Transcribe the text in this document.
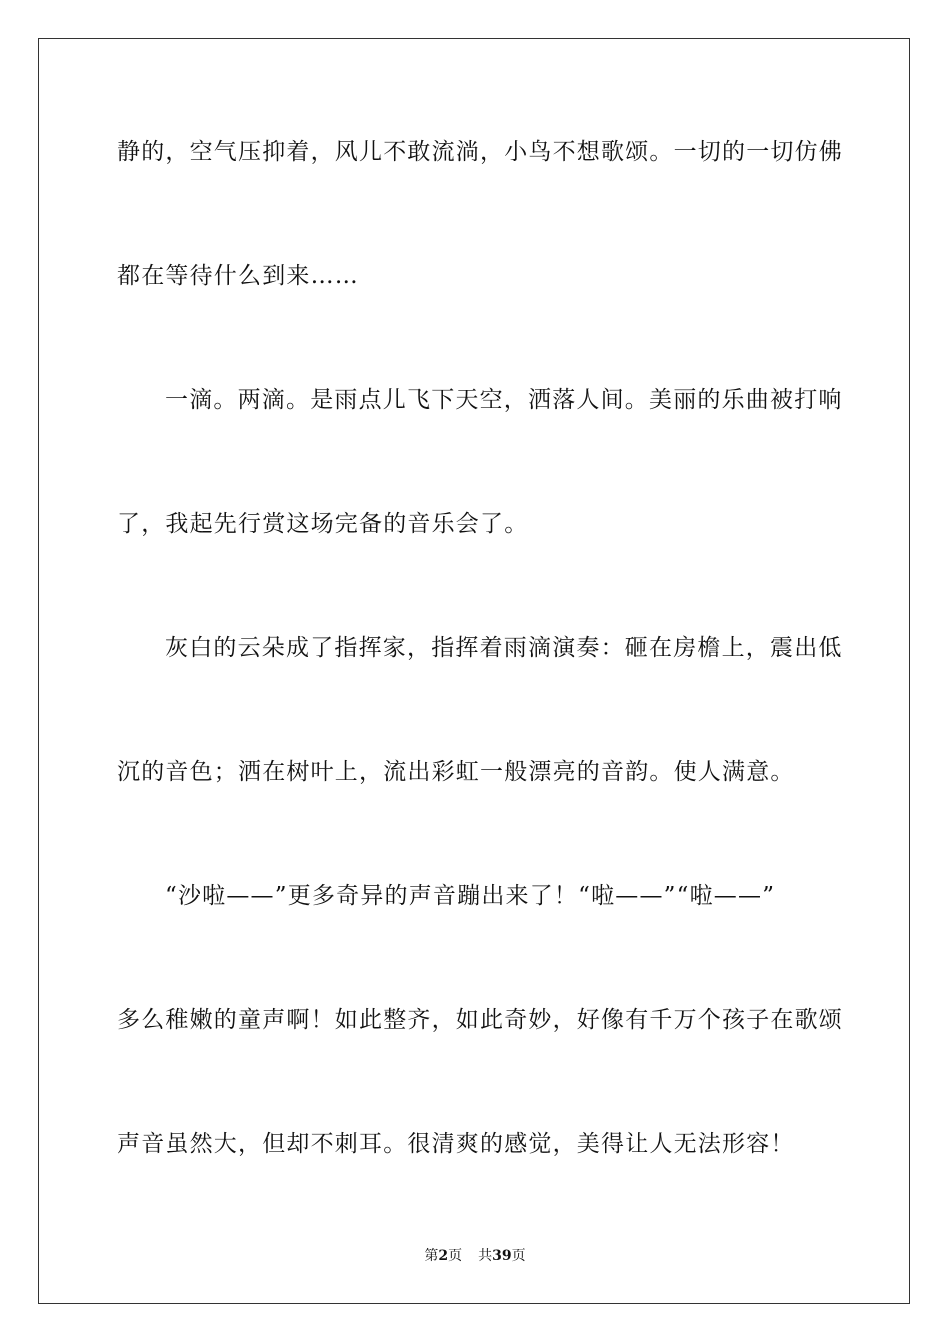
静的，空气压抑着，风儿不敢流淌，小鸟不想歌颂。一切的一切仿佛
都在等待什么到来……
一滴。两滴。是雨点儿飞下天空，洒落人间。美丽的乐曲被打响
了，我起先行赏这场完备的音乐会了。
灰白的云朵成了指挥家，指挥着雨滴演奏：砸在房檐上，震出低
沉的音色；洒在树叶上，流出彩虹一般漂亮的音韵。使人满意。
“沙啦——”更多奇异的声音蹦出来了！“啦——”“啦——”
多么稚嫩的童声啊！如此整齐，如此奇妙，好像有千万个孩子在歌颂
声音虽然大，但却不刺耳。很清爽的感觉，美得让人无法形容！
第2页 共39页
